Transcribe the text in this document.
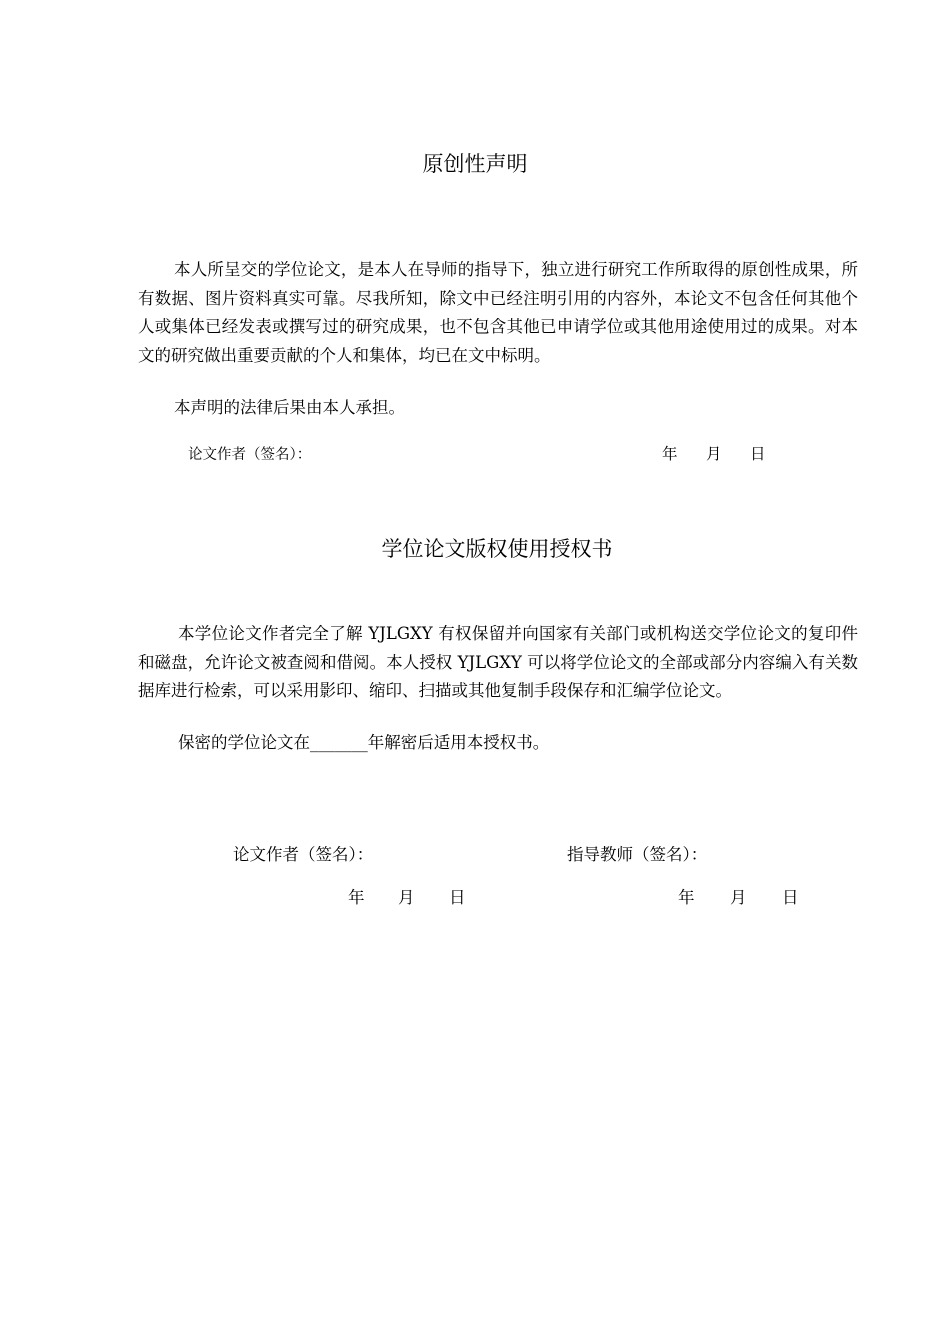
原创性声明

本人所呈交的学位论文，是本人在导师的指导下，独立进行研究工作所取得的原创性成果，所有数据、图片资料真实可靠。尽我所知，除文中已经注明引用的内容外，本论文不包含任何其他个人或集体已经发表或撰写过的研究成果，也不包含其他已申请学位或其他用途使用过的成果。对本文的研究做出重要贡献的个人和集体，均已在文中标明。

本声明的法律后果由本人承担。

论文作者（签名）：	年 月 日
学位论文版权使用授权书

本学位论文作者完全了解 YJLGXY 有权保留并向国家有关部门或机构送交学位论文的复印件和磁盘，允许论文被查阅和借阅。本人授权 YJLGXY 可以将学位论文的全部或部分内容编入有关数据库进行检索，可以采用影印、缩印、扫描或其他复制手段保存和汇编学位论文。

保密的学位论文在_______年解密后适用本授权书。

论文作者（签名）：	指导教师（签名）：
年 月 日	年 月 日
